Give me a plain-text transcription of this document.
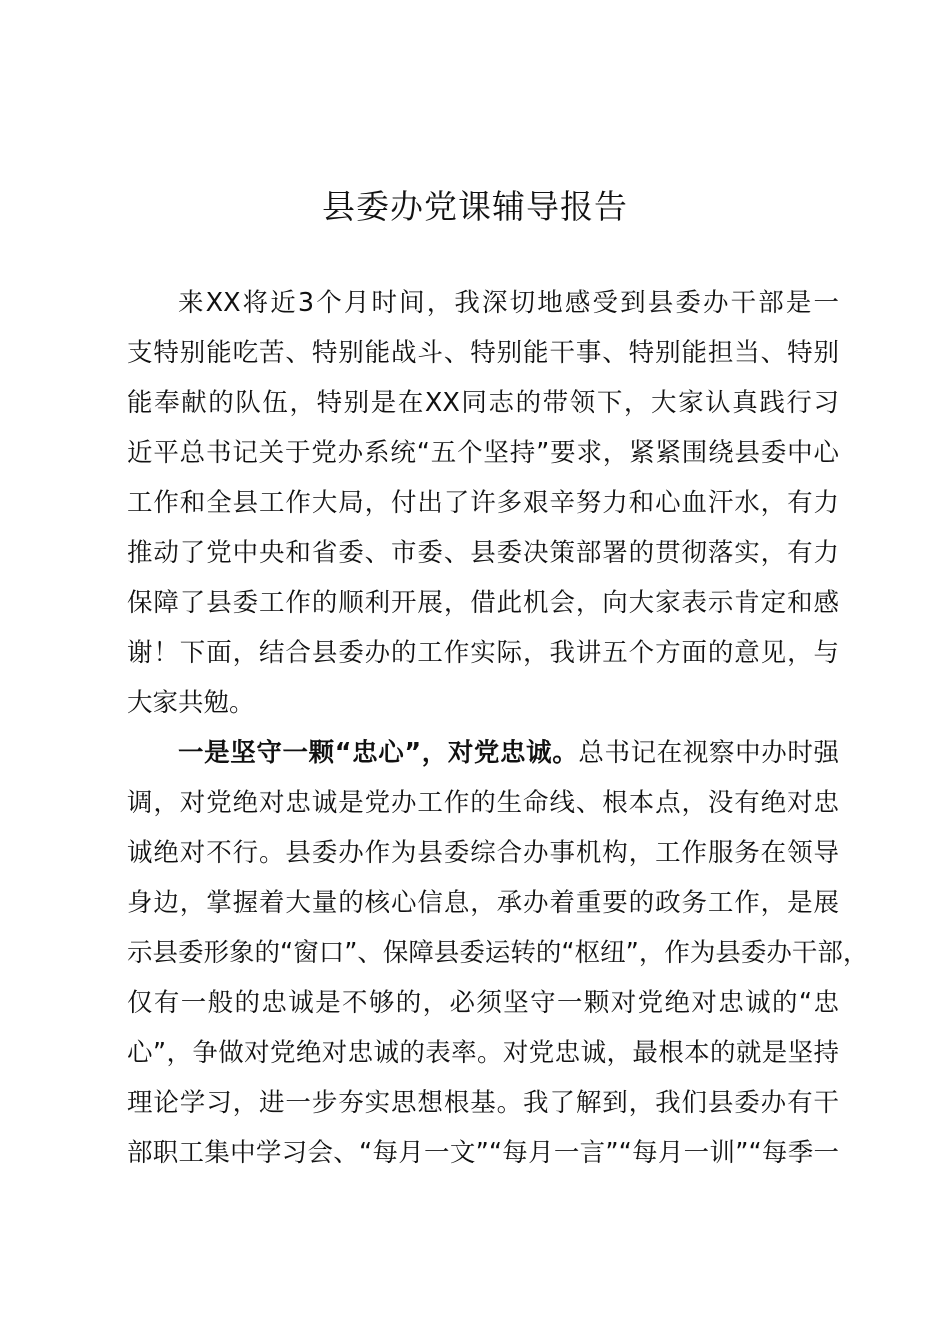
县委办党课辅导报告
来XX将近3个月时间，我深切地感受到县委办干部是一
支特别能吃苦、特别能战斗、特别能干事、特别能担当、特别
能奉献的队伍，特别是在XX同志的带领下，大家认真践行习
近平总书记关于党办系统“五个坚持”要求，紧紧围绕县委中心
工作和全县工作大局，付出了许多艰辛努力和心血汗水，有力
推动了党中央和省委、市委、县委决策部署的贯彻落实，有力
保障了县委工作的顺利开展，借此机会，向大家表示肯定和感
谢！下面，结合县委办的工作实际，我讲五个方面的意见，与
大家共勉。
一是坚守一颗“忠心”，对党忠诚。总书记在视察中办时强
调，对党绝对忠诚是党办工作的生命线、根本点，没有绝对忠
诚绝对不行。县委办作为县委综合办事机构，工作服务在领导
身边，掌握着大量的核心信息，承办着重要的政务工作，是展
示县委形象的“窗口”、保障县委运转的“枢纽”，作为县委办干部，
仅有一般的忠诚是不够的，必须坚守一颗对党绝对忠诚的“忠
心”，争做对党绝对忠诚的表率。对党忠诚，最根本的就是坚持
理论学习，进一步夯实思想根基。我了解到，我们县委办有干
部职工集中学习会、“每月一文”“每月一言”“每月一训”“每季一
